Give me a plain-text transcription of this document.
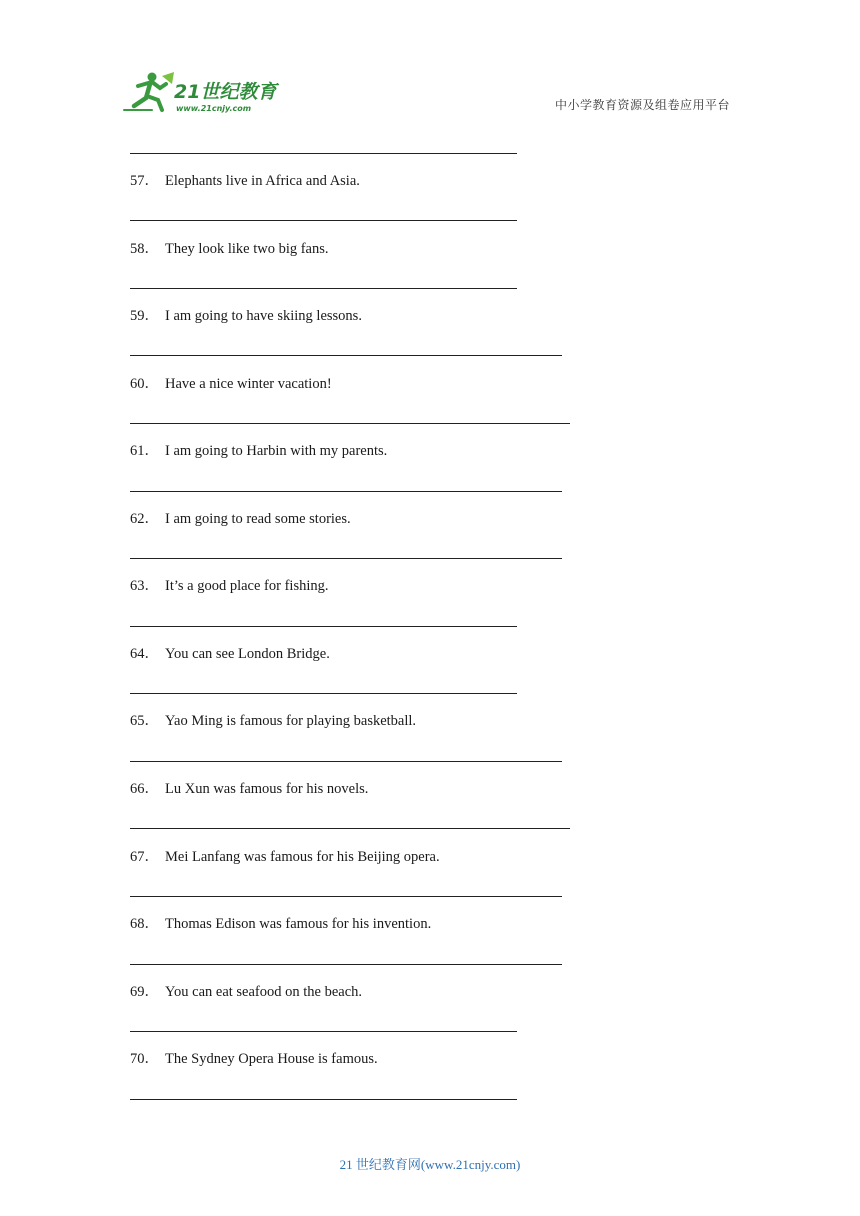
21世纪教育
www.21cnjy.com	中小学教育资源及组卷应用平台
57． Elephants live in Africa and Asia.
58． They look like two big fans.
59． I am going to have skiing lessons.
60． Have a nice winter vacation!
61． I am going to Harbin with my parents.
62． I am going to read some stories.
63． It’s a good place for fishing.
64． You can see London Bridge.
65． Yao Ming is famous for playing basketball.
66． Lu Xun was famous for his novels.
67． Mei Lanfang was famous for his Beijing opera.
68． Thomas Edison was famous for his invention.
69． You can eat seafood on the beach.
70． The Sydney Opera House is famous.
21 世纪教育网(www.21cnjy.com)
